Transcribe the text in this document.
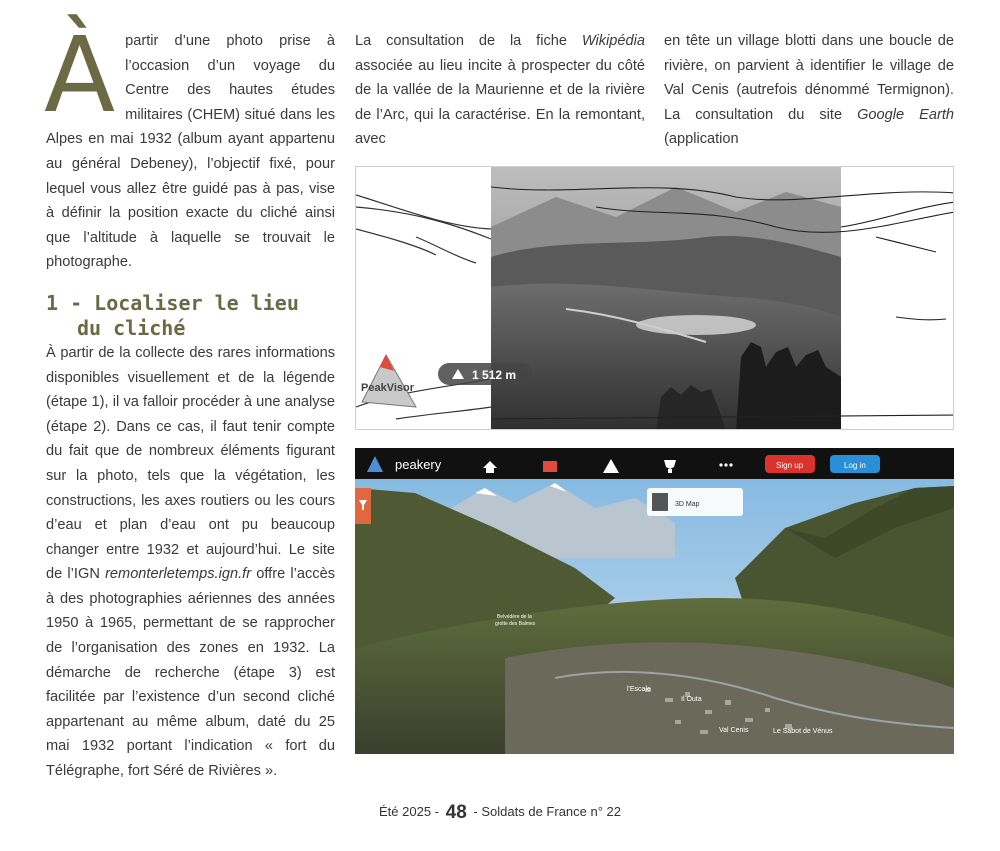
À partir d’une photo prise à l’occasion d’un voyage du Centre des hautes études militaires (CHEM) situé dans les Alpes en mai 1932 (album ayant appartenu au général Debeney), l’objectif fixé, pour lequel vous allez être guidé pas à pas, vise à définir la position exacte du cliché ainsi que l’altitude à laquelle se trouvait le photographe.

1 - Localiser le lieu
du cliché

À partir de la collecte des rares informations disponibles visuellement et de la légende (étape 1), il va falloir procéder à une analyse (étape 2). Dans ce cas, il faut tenir compte du fait que de nombreux éléments figurant sur la photo, tels que la végétation, les constructions, les axes routiers ou les cours d’eau et plan d’eau ont pu beaucoup changer entre 1932 et aujourd’hui. Le site de l’IGN remonterletemps.ign.fr offre l’accès à des photographies aériennes des années 1950 à 1965, permettant de se rapprocher de l’organisation des zones en 1932. La démarche de recherche (étape 3) est facilitée par l’existence d’un second cliché appartenant au même album, daté du 25 mai 1932 portant l’indication « fort du Télégraphe, fort Séré de Rivières ».

La consultation de la fiche Wikipédia associée au lieu incite à prospecter du côté de la vallée de la Maurienne et de la rivière de l’Arc, qui la caractérise. En la remontant, avec

en tête un village blotti dans une boucle de rivière, on parvient à identifier le village de Val Cenis (autrefois dénommé Termignon). La consultation du site Google Earth (application

PeakVisor
1 512 m
peakery	Sign up	Log in
3D Map
Belvédère de la
grotte des Balmes
l'Escale
Il Outa
Val Cenis	Le Sabot de Vénus
Été 2025 - 48 - Soldats de France n° 22
